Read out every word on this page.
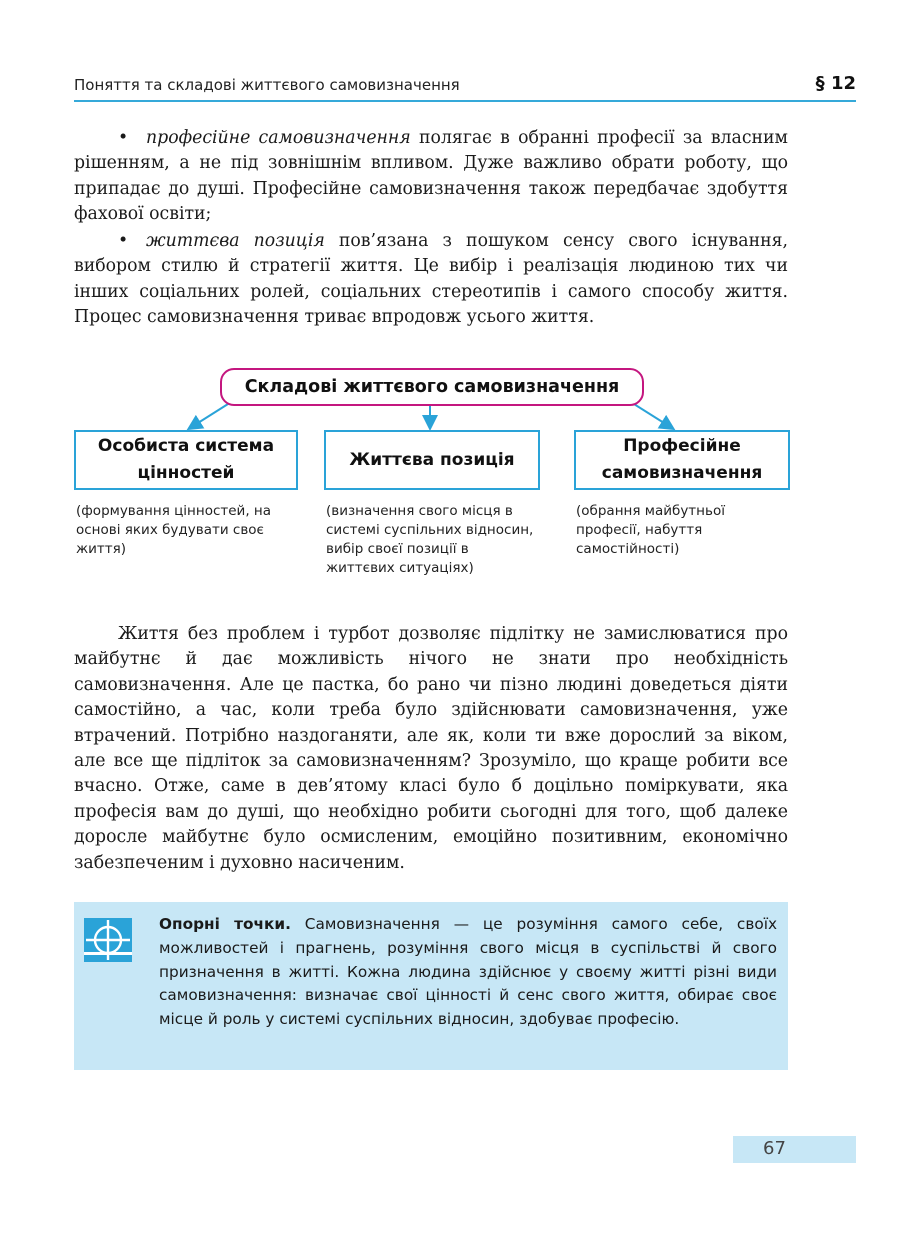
Поняття та складові життєвого самовизначення	§ 12

• професійне самовизначення полягає в обранні професії за власним рішенням, а не під зовнішнім впливом. Дуже важливо обрати роботу, що припадає до душі. Професійне самовизначення також передбачає здобуття фахової освіти;

• життєва позиція пов’язана з пошуком сенсу свого існування, вибором стилю й стратегії життя. Це вибір і реалізація людиною тих чи інших соціальних ролей, соціальних стереотипів і самого способу життя. Процес самовизначення триває впродовж усього життя.

Складові життєвого самовизначення
Особиста система цінностей
Життєва позиція
Професійне самовизначення
(формування цінностей, на основі яких будувати своє життя)
(визначення свого місця в системі суспільних відносин, вибір своєї позиції в життєвих ситуаціях)
(обрання майбутньої професії, набуття самостійності)

Життя без проблем і турбот дозволяє підлітку не замислюватися про майбутнє й дає можливість нічого не знати про необхідність самовизначення. Але це пастка, бо рано чи пізно людині доведеться діяти самостійно, а час, коли треба було здійснювати самовизначення, уже втрачений. Потрібно наздоганяти, але як, коли ти вже дорослий за віком, але все ще підліток за самовизначенням? Зрозуміло, що краще робити все вчасно. Отже, саме в дев’ятому класі було б доцільно поміркувати, яка професія вам до душі, що необхідно робити сьогодні для того, щоб далеке доросле майбутнє було осмисленим, емоційно позитивним, економічно забезпеченим і духовно насиченим.

Опорні точки. Самовизначення — це розуміння самого себе, своїх можливостей і прагнень, розуміння свого місця в суспільстві й свого призначення в житті. Кожна людина здійснює у своєму житті різні види самовизначення: визначає свої цінності й сенс свого життя, обирає своє місце й роль у системі суспільних відносин, здобуває професію.

67
